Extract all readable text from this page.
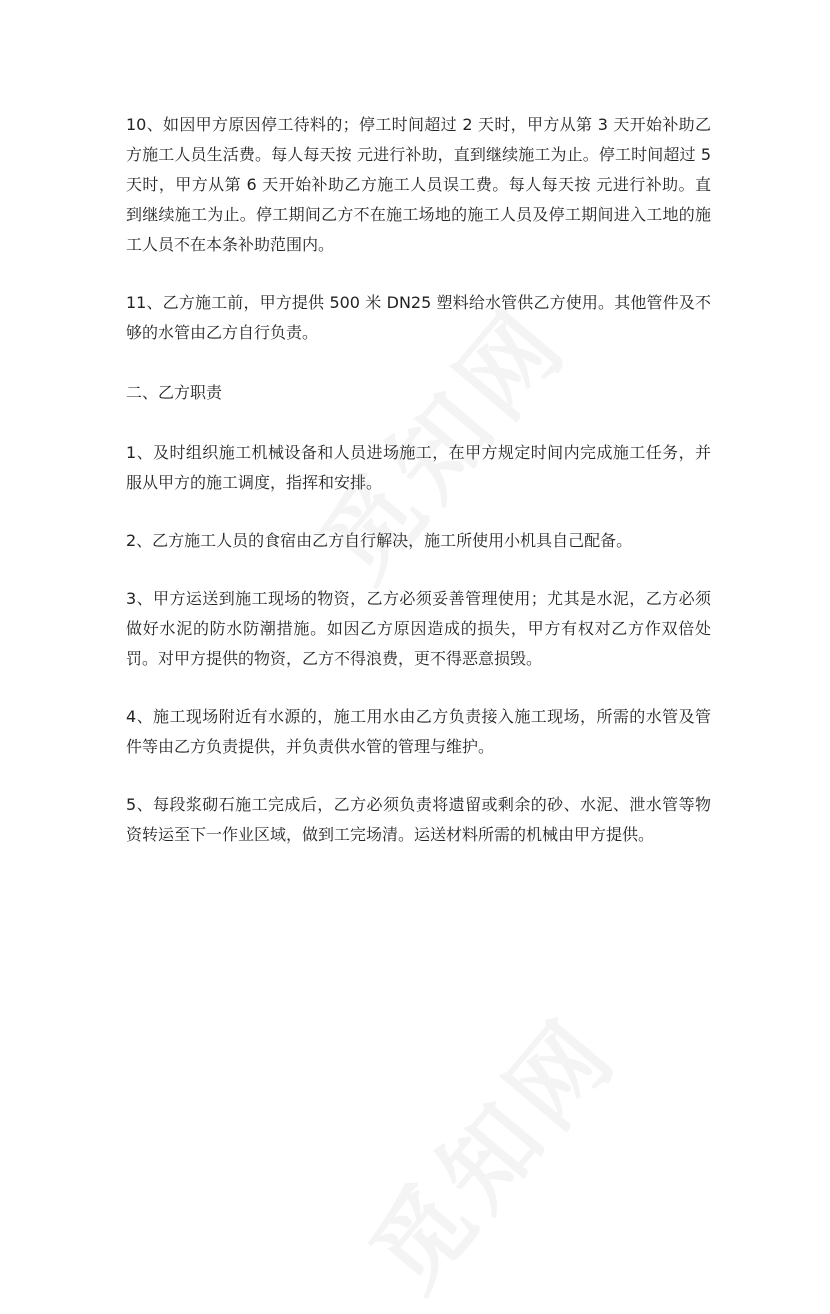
10、如因甲方原因停工待料的；停工时间超过 2 天时，甲方从第 3 天开始补助乙方施工人员生活费。每人每天按 元进行补助，直到继续施工为止。停工时间超过 5 天时，甲方从第 6 天开始补助乙方施工人员误工费。每人每天按 元进行补助。直到继续施工为止。停工期间乙方不在施工场地的施工人员及停工期间进入工地的施工人员不在本条补助范围内。

11、乙方施工前，甲方提供 500 米 DN25 塑料给水管供乙方使用。其他管件及不够的水管由乙方自行负责。

二、乙方职责

1、及时组织施工机械设备和人员进场施工，在甲方规定时间内完成施工任务，并服从甲方的施工调度，指挥和安排。

2、乙方施工人员的食宿由乙方自行解决，施工所使用小机具自己配备。

3、甲方运送到施工现场的物资，乙方必须妥善管理使用；尤其是水泥，乙方必须做好水泥的防水防潮措施。如因乙方原因造成的损失，甲方有权对乙方作双倍处罚。对甲方提供的物资，乙方不得浪费，更不得恶意损毁。

4、施工现场附近有水源的，施工用水由乙方负责接入施工现场，所需的水管及管件等由乙方负责提供，并负责供水管的管理与维护。

5、每段浆砌石施工完成后，乙方必须负责将遗留或剩余的砂、水泥、泄水管等物资转运至下一作业区域，做到工完场清。运送材料所需的机械由甲方提供。
